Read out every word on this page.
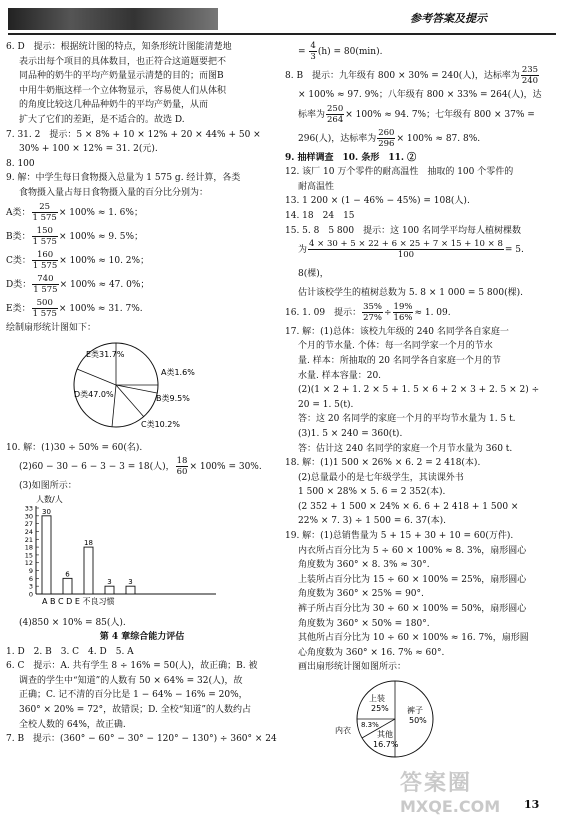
参考答案及提示

6. D　提示：根据统计图的特点，知条形统计图能清楚地

表示出每个项目的具体数目，也正符合这道题要把不

同品种的奶牛的平均产奶量显示清楚的目的；而图B

中用牛奶瓶这样一个立体物显示，容易使人们从体积

的角度比较这几种品种奶牛的平均产奶量，从而

扩大了它们的差距，是不适合的。故选 D.

7. 31. 2　提示：5 × 8% + 10 × 12% + 20 × 44% + 50 ×

30% + 100 × 12% = 31. 2(元).

8. 100

9. 解：中学生每日食物摄入总量为 1 575 g. 经计算，各类

食物摄入量占每日食物摄入量的百分比分别为：

A类： $\frac{25}{1 575} \times 100\% \approx 1$. 6%；

B类： $\frac{150}{1 575} \times 100\% \approx 9$. 5%；

C类： $\frac{160}{1 575} \times 100\% \approx 10$. 2%；

D类： $\frac{740}{1 575} \times 100\% \approx 47$. 0%；

E类： $\frac{500}{1 575} \times 100\% \approx 31$. 7%.

绘制扇形统计图如下：

E类31.7%
A类1.6%
B类9.5%
C类10.2%
D类47.0%

10. 解：(1)30 ÷ 50% = 60(名).

(2)60 − 30 − 6 − 3 − 3 = 18(人)， $\frac{18}{60} \times 100\% = 30\%$.

(3)如图所示：

人数/人
33
30
27
24
21
18
15
12
9
6
3
0
30
6
18
3 3
A B C D E 不良习惯

(4)850 × 10% = 85(人).

第 4 章综合能力评估

1. D　2. B　3. C　4. D　5. A

6. C　提示：A. 共有学生 8 ÷ 16% = 50(人)，故正确；B. 被

调查的学生中“知道”的人数有 50 × 64% = 32(人)，故

正确；C. 记不清的百分比是 1 − 64% − 16% = 20%，

360° × 20% = 72°，故错误；D. 全校“知道”的人数约占

全校人数的 64%，故正确.

7. B　提示：(360° − 60° − 30° − 120° − 130°) ÷ 360° × 24

= $\frac{4}{3} (h) = 80(\min)$.

8. B　提示：九年级有 800 × 30% = 240(人)，达标率为 $\frac{235}{240}$

× 100% ≈ 97. 9%；八年级有 800 × 33% = 264(人)，达

标率为 $\frac{250}{264} \times 100\% \approx 94$. 7%；七年级有 800 × 37% =

296(人)，达标率为 $\frac{260}{296} \times 100\% \approx 87$. 8%.

9. 抽样调查　10. 条形　11. ②

12. 该厂 10 万个零件的耐高温性　抽取的 100 个零件的

耐高温性

13. 1 200 × (1 − 46% − 45%) = 108(人).

14. 18　24　15

15. 5. 8　5 800　提示：这 100 名同学平均每人植树棵数

为 $\frac{4 \times 30 + 5 \times 22 + 6 \times 25 + 7 \times 15 + 10 \times 8}{100} = 5$. 8(棵)，

估计该校学生的植树总数为 5. 8 × 1 000 = 5 800(棵).

16. 1. 09　提示： $\frac{35\%}{27\%} \div \frac{19\%}{16\%} \approx 1$. 09.

17. 解：(1)总体：该校九年级的 240 名同学各自家庭一

个月的节水量. 个体：每一名同学家一个月的节水

量. 样本：所抽取的 20 名同学各自家庭一个月的节

水量. 样本容量：20.

(2)(1 × 2 + 1. 2 × 5 + 1. 5 × 6 + 2 × 3 + 2. 5 × 2) ÷

20 = 1. 5(t).

答：这 20 名同学的家庭一个月的平均节水量为 1. 5 t.

(3)1. 5 × 240 = 360(t).

答：估计这 240 名同学的家庭一个月节水量为 360 t.

18. 解：(1)1 500 × 26% × 6. 2 = 2 418(本).

(2)总量最小的是七年级学生，其读课外书

1 500 × 28% × 5. 6 = 2 352(本).

(2 352 + 1 500 × 24% × 6. 6 + 2 418 + 1 500 ×

22% × 7. 3) ÷ 1 500 = 6. 37(本).

19. 解：(1)总销售量为 5 + 15 + 30 + 10 = 60(万件).

内衣所占百分比为 5 ÷ 60 × 100% ≈ 8. 3%，扇形圆心

角度数为 360° × 8. 3% ≈ 30°.

上装所占百分比为 15 ÷ 60 × 100% = 25%，扇形圆心

角度数为 360° × 25% = 90°.

裤子所占百分比为 30 ÷ 60 × 100% = 50%，扇形圆心

角度数为 360° × 50% = 180°.

其他所占百分比为 10 ÷ 60 × 100% ≈ 16. 7%，扇形圆

心角度数为 360° × 16. 7% ≈ 60°.

画出扇形统计图如图所示：

上装
25% 裤子
50%
内衣
8.3%
其他
16.7%
答案圈
MXQE.COM	13
